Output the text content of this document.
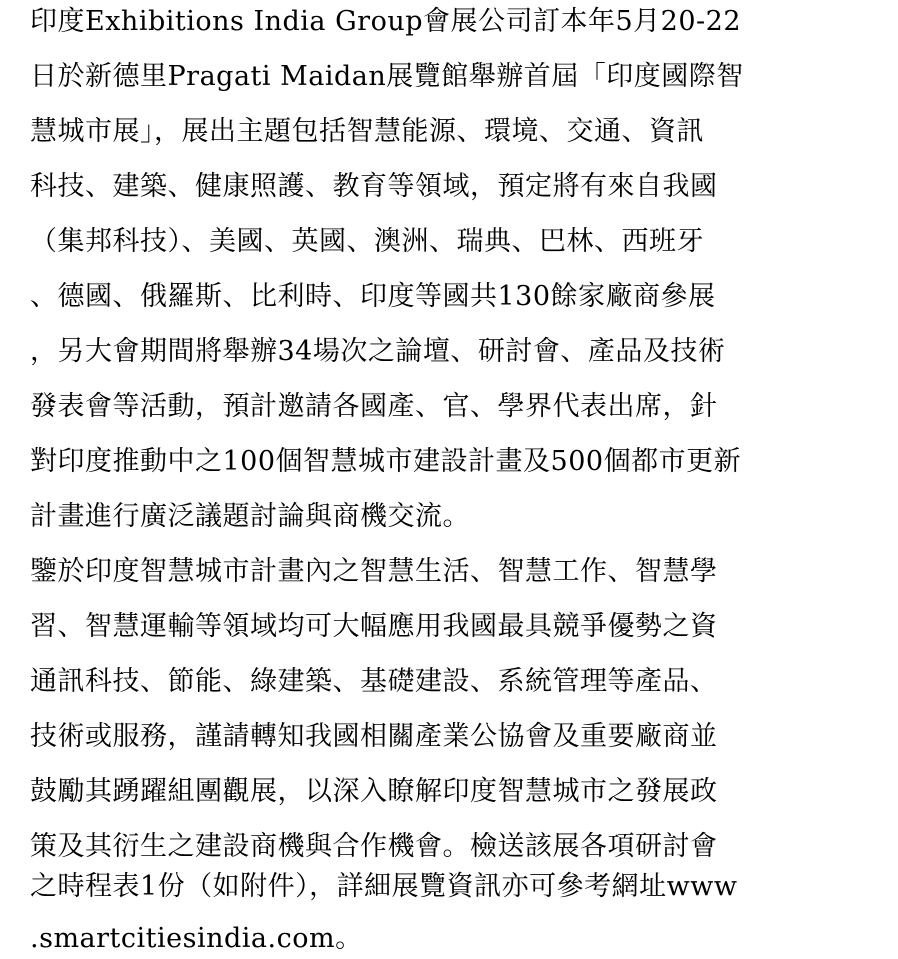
印度Exhibitions India Group會展公司訂本年5月20-22
日於新德里Pragati Maidan展覽館舉辦首屆「印度國際智
慧城市展」，展出主題包括智慧能源、環境、交通、資訊
科技、建築、健康照護、教育等領域，預定將有來自我國
（集邦科技）、美國、英國、澳洲、瑞典、巴林、西班牙
、德國、俄羅斯、比利時、印度等國共130餘家廠商參展
，另大會期間將舉辦34場次之論壇、研討會、產品及技術
發表會等活動，預計邀請各國產、官、學界代表出席，針
對印度推動中之100個智慧城市建設計畫及500個都市更新
計畫進行廣泛議題討論與商機交流。
鑒於印度智慧城市計畫內之智慧生活、智慧工作、智慧學
習、智慧運輸等領域均可大幅應用我國最具競爭優勢之資
通訊科技、節能、綠建築、基礎建設、系統管理等產品、
技術或服務，謹請轉知我國相關產業公協會及重要廠商並
鼓勵其踴躍組團觀展，以深入瞭解印度智慧城市之發展政
策及其衍生之建設商機與合作機會。檢送該展各項研討會
之時程表1份（如附件），詳細展覽資訊亦可參考網址www
.smartcitiesindia.com。
